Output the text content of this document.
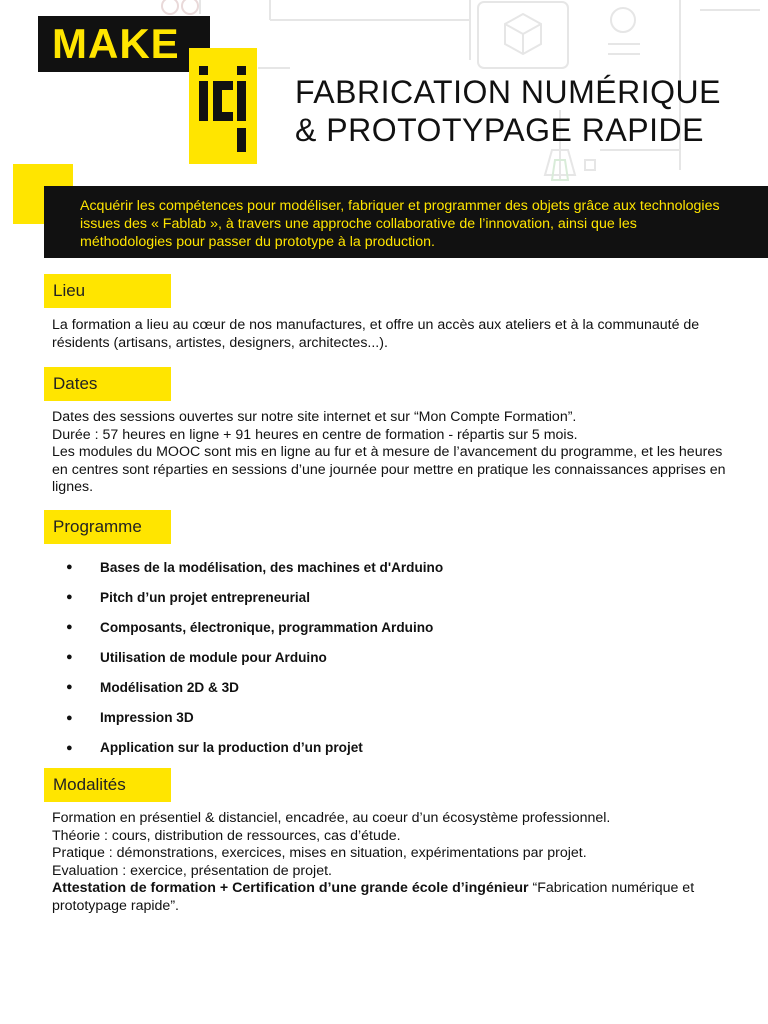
MAKE
FABRICATION NUMÉRIQUE
& PROTOTYPAGE RAPIDE
Acquérir les compétences pour modéliser, fabriquer et programmer des objets grâce aux technologies issues des « Fablab », à travers une approche collaborative de l’innovation, ainsi que les méthodologies pour passer du prototype à la production.
Lieu
La formation a lieu au cœur de nos manufactures, et offre un accès aux ateliers et à la communauté de résidents (artisans, artistes, designers, architectes...).
Dates
Dates des sessions ouvertes sur notre site internet et sur “Mon Compte Formation”.
Durée : 57 heures en ligne + 91 heures en centre de formation - répartis sur 5 mois.
Les modules du MOOC sont mis en ligne au fur et à mesure de l’avancement du programme, et les heures en centres sont réparties en sessions d’une journée pour mettre en pratique les connaissances apprises en lignes.
Programme
●	Bases de la modélisation, des machines et d'Arduino
●	Pitch d’un projet entrepreneurial
●	Composants, électronique, programmation Arduino
●	Utilisation de module pour Arduino
●	Modélisation 2D & 3D
●	Impression 3D
●	Application sur la production d’un projet
Modalités
Formation en présentiel & distanciel, encadrée, au coeur d’un écosystème professionnel.
Théorie : cours, distribution de ressources, cas d’étude.
Pratique : démonstrations, exercices, mises en situation, expérimentations par projet.
Evaluation : exercice, présentation de projet.
Attestation de formation + Certification d’une grande école d’ingénieur “Fabrication numérique et prototypage rapide”.
